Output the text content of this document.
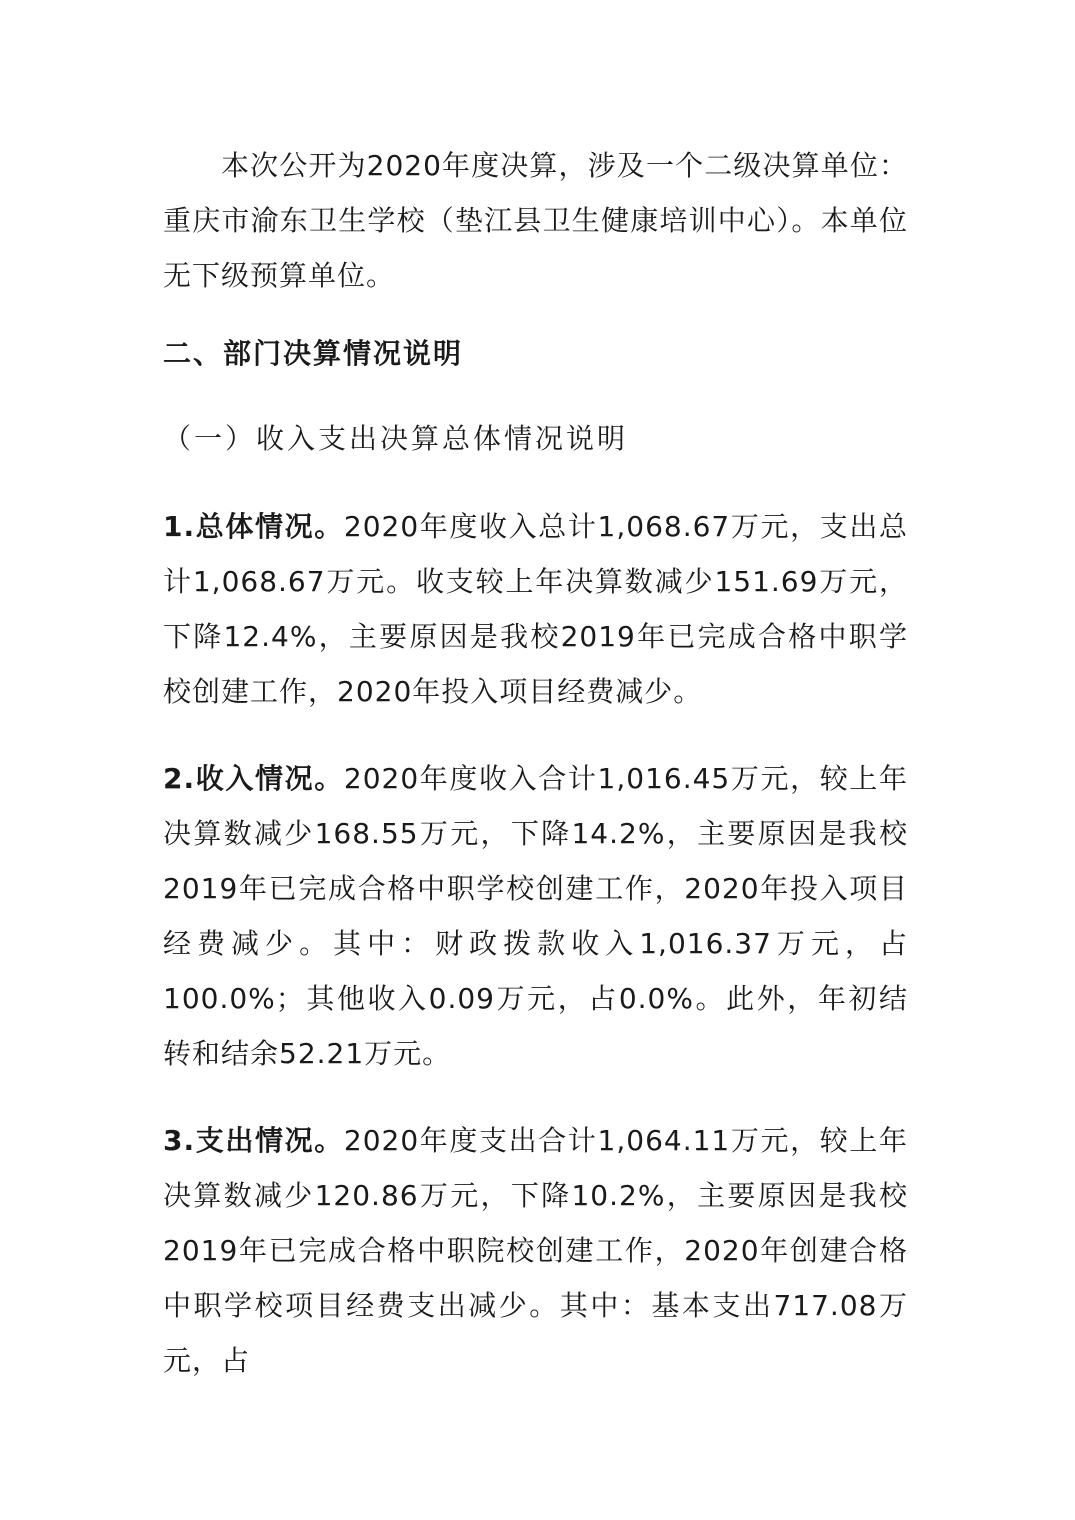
本次公开为2020年度决算，涉及一个二级决算单位：重庆市渝东卫生学校（垫江县卫生健康培训中心）。本单位无下级预算单位。

二、部门决算情况说明

（一）收入支出决算总体情况说明

1.总体情况。2020年度收入总计1,068.67万元，支出总计1,068.67万元。收支较上年决算数减少151.69万元，下降12.4%，主要原因是我校2019年已完成合格中职学校创建工作，2020年投入项目经费减少。

2.收入情况。2020年度收入合计1,016.45万元，较上年决算数减少168.55万元，下降14.2%，主要原因是我校2019年已完成合格中职学校创建工作，2020年投入项目经费减少。其中：财政拨款收入1,016.37万元，占100.0%；其他收入0.09万元，占0.0%。此外，年初结转和结余52.21万元。

3.支出情况。2020年度支出合计1,064.11万元，较上年决算数减少120.86万元，下降10.2%，主要原因是我校2019年已完成合格中职院校创建工作，2020年创建合格中职学校项目经费支出减少。其中：基本支出717.08万元，占
